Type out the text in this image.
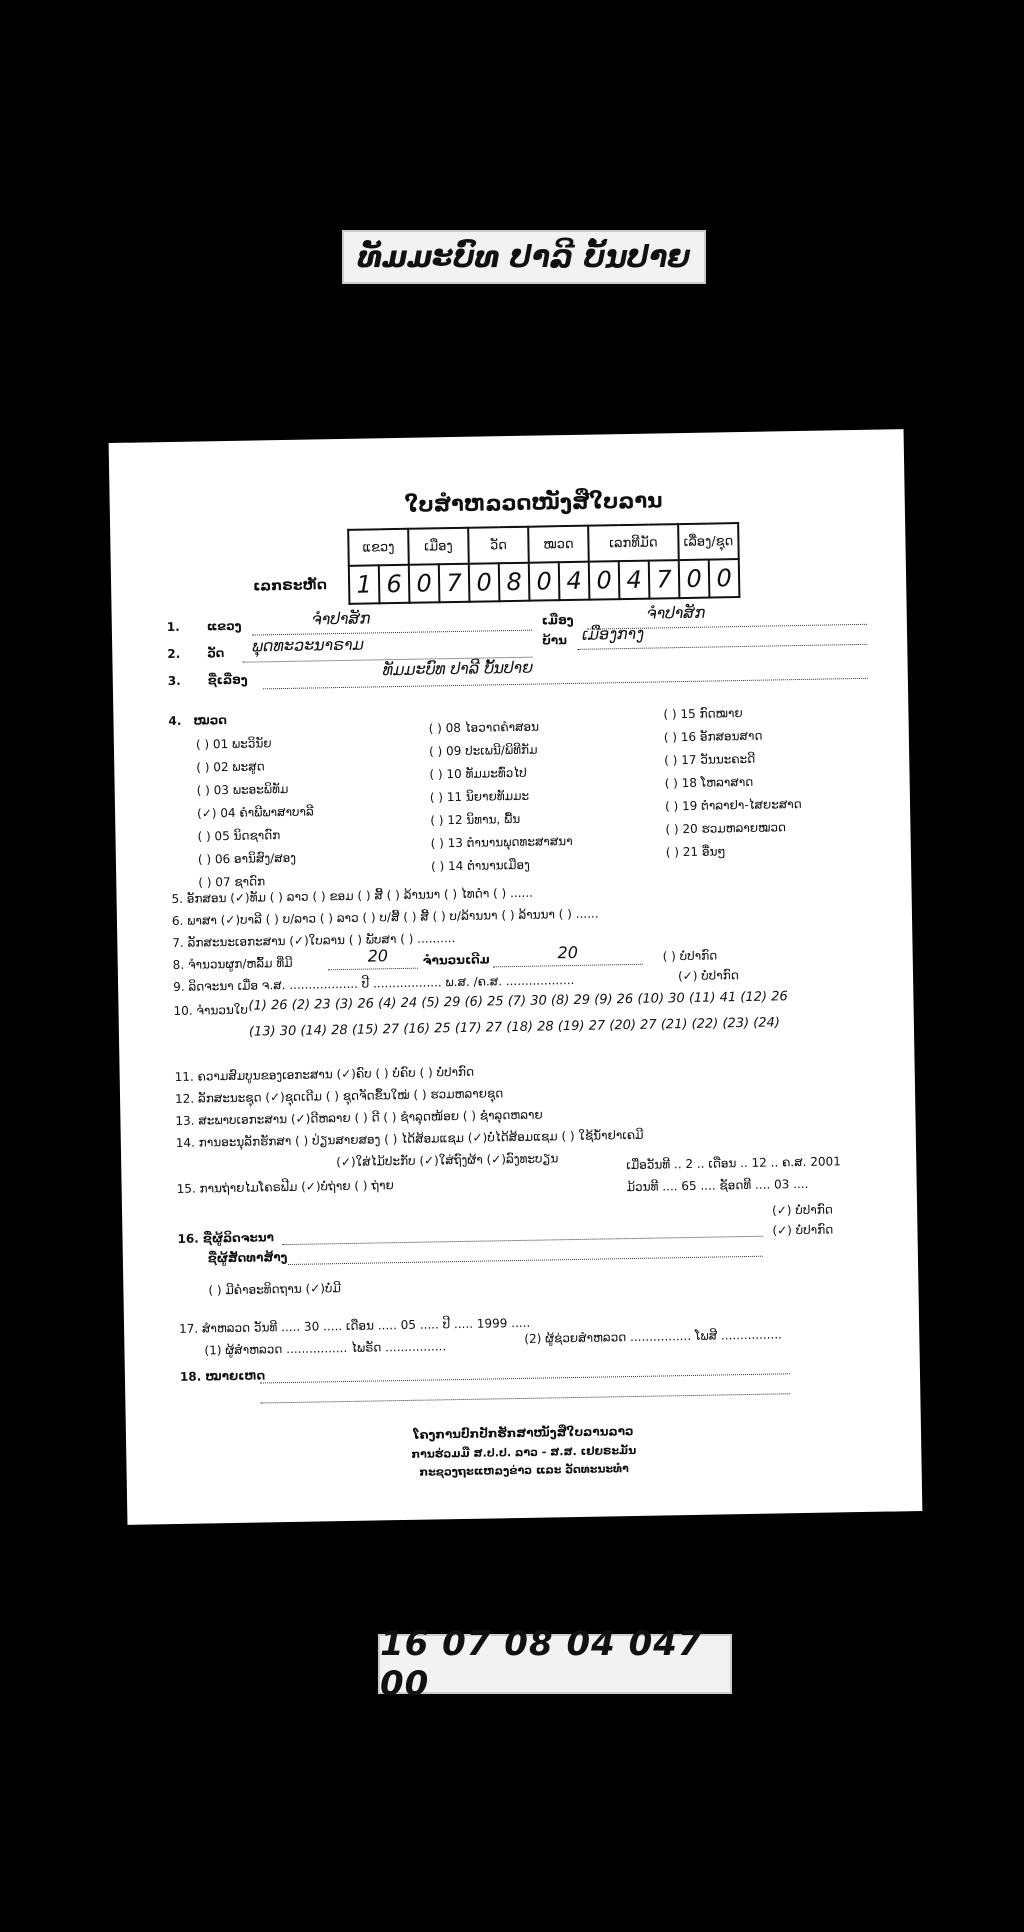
ທັມມະບົທ ປາລີ ບັ້ນປາຍ
ໃບສຳຫລວດໜັງສືໃບລານ
ເລກຣະຫັດ
ແຂວງ		ເມືອງ		ວັດ		ໝວດ		ເລກທີມັດ			ເລື່ອງ/ຊຸດ	
1	6	0	7	0	8	0	4	0	4	7	0	0
1. ແຂວງ	ຈຳປາສັກ	ເມືອງ	ຈຳປາສັກ
2. ວັດ ພຸດທະວະນາຣາມ	ບ້ານ ເມືອງກາງ
3. ຊື່ເລື່ອງ
ທັມມະບົທ ປາລີ ບັ້ນປາຍ
4. ໝວດ
( ) 01 ພະວິນັຍ
( ) 02 ພະສູດ
( ) 03 ພະອະພິທັມ
(✓) 04 ຄຳພີພາສາບາລີ
( ) 05 ນິດຊາດົກ
( ) 06 ອານິສົງ/ສອງ
( ) 07 ຊາດົກ
( ) 08 ໄອວາດຄຳສອນ
( ) 09 ປະເພນີ/ພິທີກັມ
( ) 10 ທັມມະທົ່ວໄປ
( ) 11 ນິຍາຍທັມມະ
( ) 12 ນິທານ, ພື້ນ
( ) 13 ຕຳນານພຸດທະສາສນາ
( ) 14 ຕຳນານເມືອງ
( ) 15 ກົດໝາຍ
( ) 16 ອັກສອນສາດ
( ) 17 ວັນນະຄະດີ
( ) 18 ໂຫລາສາດ
( ) 19 ຕຳລາຢາ-ໄສຍະສາດ
( ) 20 ຮວມຫລາຍໝວດ
( ) 21 ອື່ນໆ
5. ອັກສອນ (✓)ທັມ ( ) ລາວ ( ) ຂອມ ( ) ສີ້ ( ) ລ້ານນາ ( ) ໄທດຳ ( ) ......
6. ພາສາ (✓)ບາລີ ( ) ບ/ລາວ ( ) ລາວ ( ) ບ/ສີ້ ( ) ສີ້ ( ) ບ/ລ້ານນາ ( ) ລ້ານນາ ( ) ......
7. ລັກສະນະເອກະສານ (✓)ໃບລານ ( ) ພັບສາ ( ) ..........
8. ຈຳນວນຜູກ/ຫລົ້ມ ທີ່ມີ	20	ຈຳນວນເດີມ	20	( ) ບໍ່ປາກົດ
9. ລິດຈະນາ ເມື່ອ ຈ.ສ. .................. ປີ .................. ພ.ສ. /ຄ.ສ. ..................	(✓) ບໍ່ປາກົດ
10. ຈຳນວນໃບ (1) 26 (2) 23 (3) 26 (4) 24 (5) 29 (6) 25 (7) 30 (8) 29 (9) 26 (10) 30 (11) 41 (12) 26
(13) 30 (14) 28 (15) 27 (16) 25 (17) 27 (18) 28 (19) 27 (20) 27 (21) (22) (23) (24)
11. ຄວາມສົມບູນຂອງເອກະສານ (✓)ຄົບ ( ) ບໍ່ຄົບ ( ) ບໍ່ປາກົດ
12. ລັກສະນະຊຸດ (✓)ຊຸດເດີມ ( ) ຊຸດຈັດຂຶ້ນໃໝ່ ( ) ຮວມຫລາຍຊຸດ
13. ສະພາບເອກະສານ (✓)ດີຫລາຍ ( ) ດີ ( ) ຊຳລຸດໜ້ອຍ ( ) ຊຳລຸດຫລາຍ
14. ການອະນຸລັກຮັກສາ ( ) ປ່ຽນສາຍສອງ ( ) ໄດ້ສ້ອມແຊມ (✓)ບໍ່ໄດ້ສ້ອມແຊມ ( ) ໃຊ້ນ້ຳຢາເຄມີ
(✓)ໃສ່ໄມ້ປະກັບ (✓)ໃສ່ຖົງຜ້າ (✓)ລົງທະບຽນ
15. ການຖ່າຍໄມໂຄຣຟີມ (✓)ບໍ່ຖ່າຍ ( ) ຖ່າຍ
ເມື່ອວັນທີ .. 2 .. ເດືອນ .. 12 .. ຄ.ສ. 2001
ມ້ວນທີ .... 65 .... ຊັອດທີ .... 03 ....
16. ຊື່ຜູ້ລິດຈະນາ
(✓) ບໍ່ປາກົດ
ຊື່ຜູ້ສັດທາສ້າງ
(✓) ບໍ່ປາກົດ
( ) ມີຄຳອະທິດຖານ (✓)ບໍ່ມີ
17. ສຳຫລວດ ວັນທີ ..... 30 ..... ເດືອນ ..... 05 ..... ປີ ..... 1999 .....
(1) ຜູ້ສຳຫລວດ ................ ໄພຣັດ ................
(2) ຜູ້ຊ່ວຍສຳຫລວດ ................ ໂພສີ ................
18. ໝາຍເຫດ
ໂຄງການປົກປັກຮັກສາໜັງສືໃບລານລາວ
ການຮ່ວມມື ສ.ປ.ປ. ລາວ - ສ.ສ. ເຢຍຣະມັນ
ກະຊວງຖະແຫລງຂ່າວ ແລະ ວັດທະນະທຳ
16 07 08 04 047 00
